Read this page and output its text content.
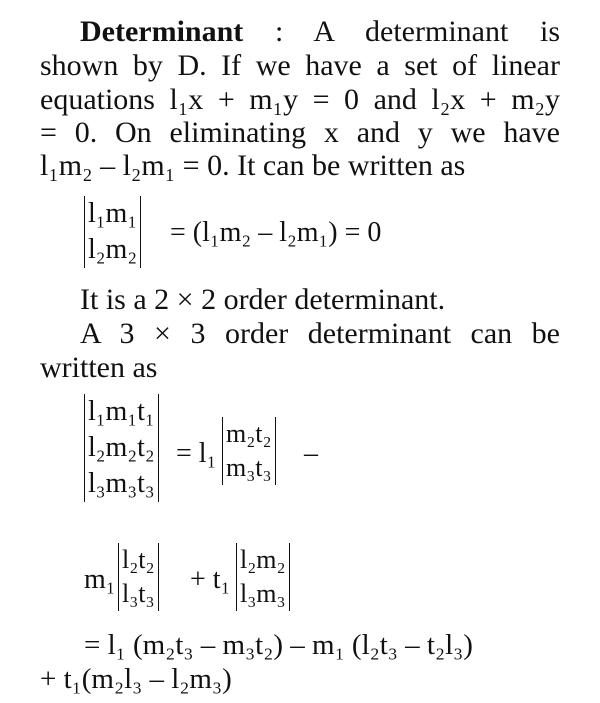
Determinant : A determinant is
shown by D. If we have a set of linear
equations l₁x + m₁y = 0 and l₂x + m₂y
= 0. On eliminating x and y we have
l₁m₂ – l₂m₁ = 0. It can be written as
l₁m₁
l₂m₂
= (l₁m₂ – l₂m₁) = 0
It is a 2 × 2 order determinant.
A 3 × 3 order determinant can be
written as
l₁m₁t₁
l₂m₂t₂
l₃m₃t₃
= l₁
m₂t₂
m₃t₃ –
m₁
l₂t₂
l₃t₃ + t₁
l₂m₂
l₃m₃
= l₁ (m₂t₃ – m₃t₂) – m₁ (l₂t₃ – t₂l₃)
+ t₁(m₂l₃ – l₂m₃)
